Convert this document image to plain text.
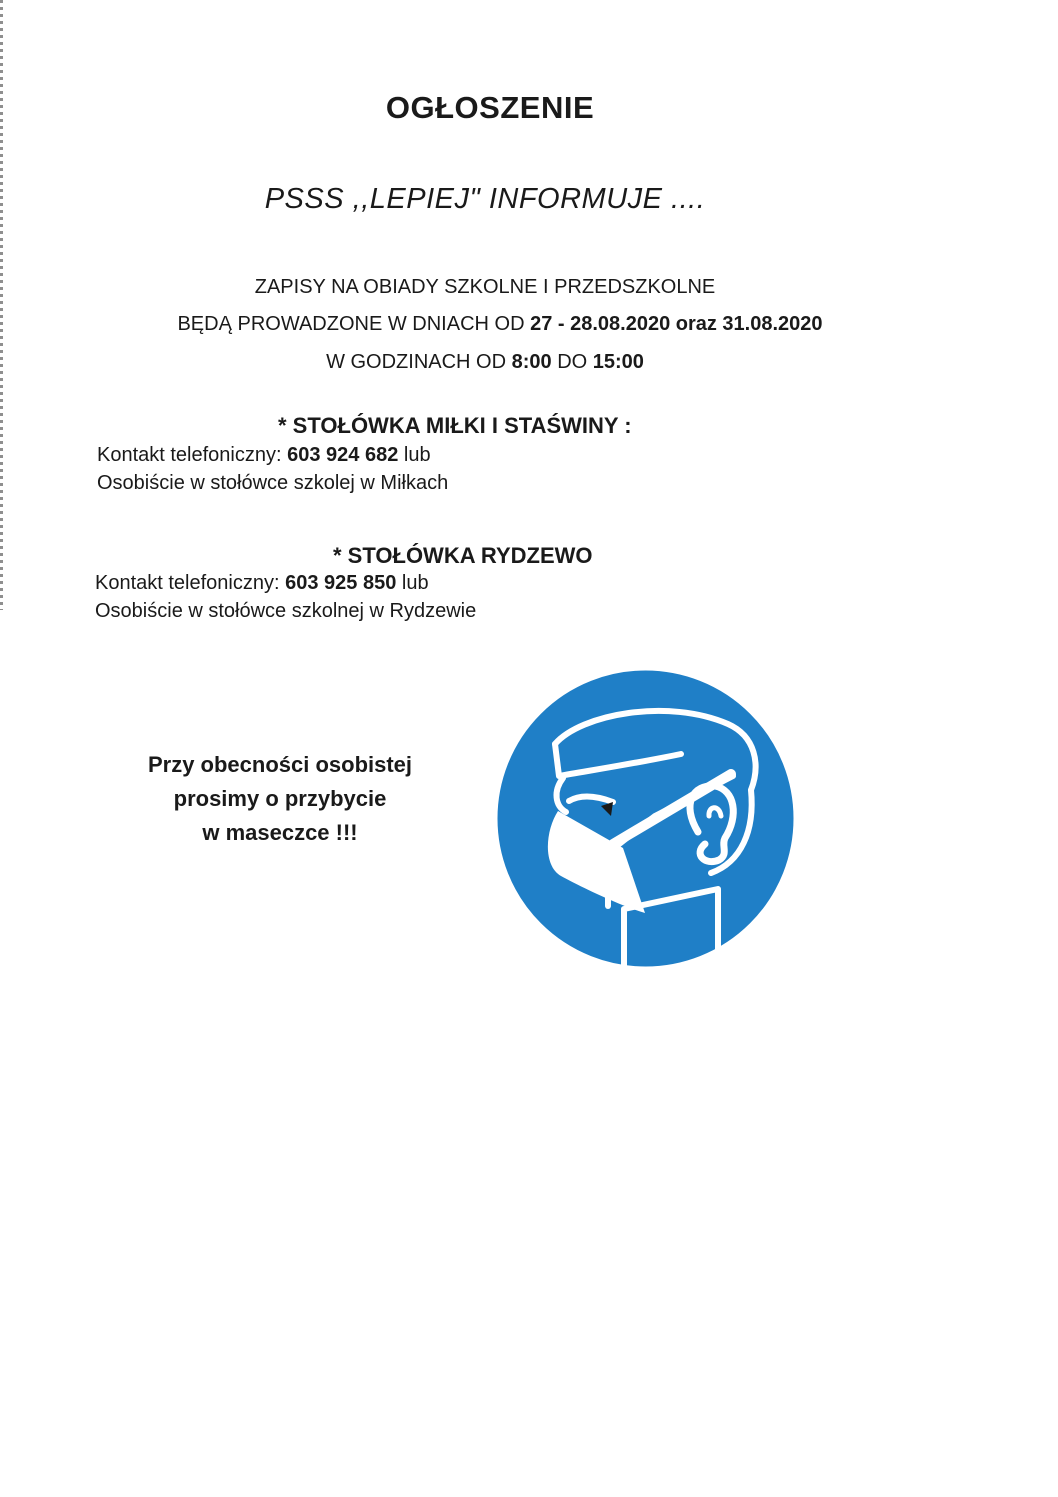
OGŁOSZENIE
PSSS ,,LEPIEJ" INFORMUJE ....
ZAPISY NA OBIADY SZKOLNE I PRZEDSZKOLNE
BĘDĄ PROWADZONE W DNIACH OD 27 - 28.08.2020 oraz 31.08.2020
W GODZINACH OD 8:00 DO 15:00
* STOŁÓWKA MIŁKI I STAŚWINY :
Kontakt telefoniczny: 603 924 682 lub
Osobiście w stołówce szkolej w Miłkach
* STOŁÓWKA RYDZEWO
Kontakt telefoniczny: 603 925 850 lub
Osobiście w stołówce szkolnej w Rydzewie
Przy obecności osobistej
prosimy o przybycie
w maseczce !!!
